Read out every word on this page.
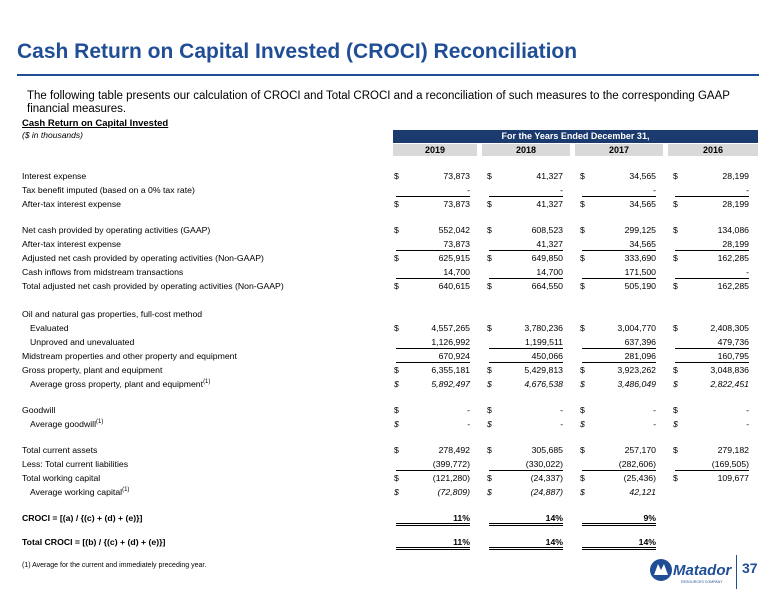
Cash Return on Capital Invested (CROCI) Reconciliation
The following table presents our calculation of CROCI and Total CROCI and a reconciliation of such measures to the corresponding GAAP financial measures.
Cash Return on Capital Invested
($ in thousands)	For the Years Ended December 31,
2019	2018	2017	2016
Interest expense	$	73,873 $	41,327 $	34,565 $	28,199
Tax benefit imputed (based on a 0% tax rate)	-	-	-	-
After-tax interest expense	$	73,873 $	41,327 $	34,565 $	28,199
Net cash provided by operating activities (GAAP)	$	552,042 $	608,523 $	299,125 $	134,086
After-tax interest expense	73,873	41,327	34,565	28,199
Adjusted net cash provided by operating activities (Non-GAAP)	$	625,915 $	649,850 $	333,690 $	162,285
Cash inflows from midstream transactions	14,700	14,700	171,500	-
Total adjusted net cash provided by operating activities (Non-GAAP)	$	640,615 $	664,550 $	505,190 $	162,285
Oil and natural gas properties, full-cost method
Evaluated	$	4,557,265 $	3,780,236 $	3,004,770 $	2,408,305
Unproved and unevaluated	1,126,992	1,199,511	637,396	479,736
Midstream properties and other property and equipment	670,924	450,066	281,096	160,795
Gross property, plant and equipment	$	6,355,181 $	5,429,813 $	3,923,262 $	3,048,836
Average gross property, plant and equipment$^{(1)}$	$	5,892,497 $	4,676,538 $	3,486,049 $	2,822,451
Goodwill	$	- $	- $	- $	-
Average goodwill$^{(1)}$	$	- $	- $	- $	-
Total current assets	$	278,492 $	305,685 $	257,170 $	279,182
Less: Total current liabilities	(399,772)	(330,022)	(282,606)	(169,505)
Total working capital	$	(121,280) $	(24,337) $	(25,436) $	109,677
Average working capital$^{(1)}$	$	(72,809) $	(24,887) $	42,121
CROCI = [(a) / {(c) + (d) + (e)}]	11%	14%	9%
Total CROCI = [(b) / {(c) + (d) + (e)}]	11%	14%	14%
(1) Average for the current and immediately preceding year.	Matador
RESOURCES COMPANY
37
